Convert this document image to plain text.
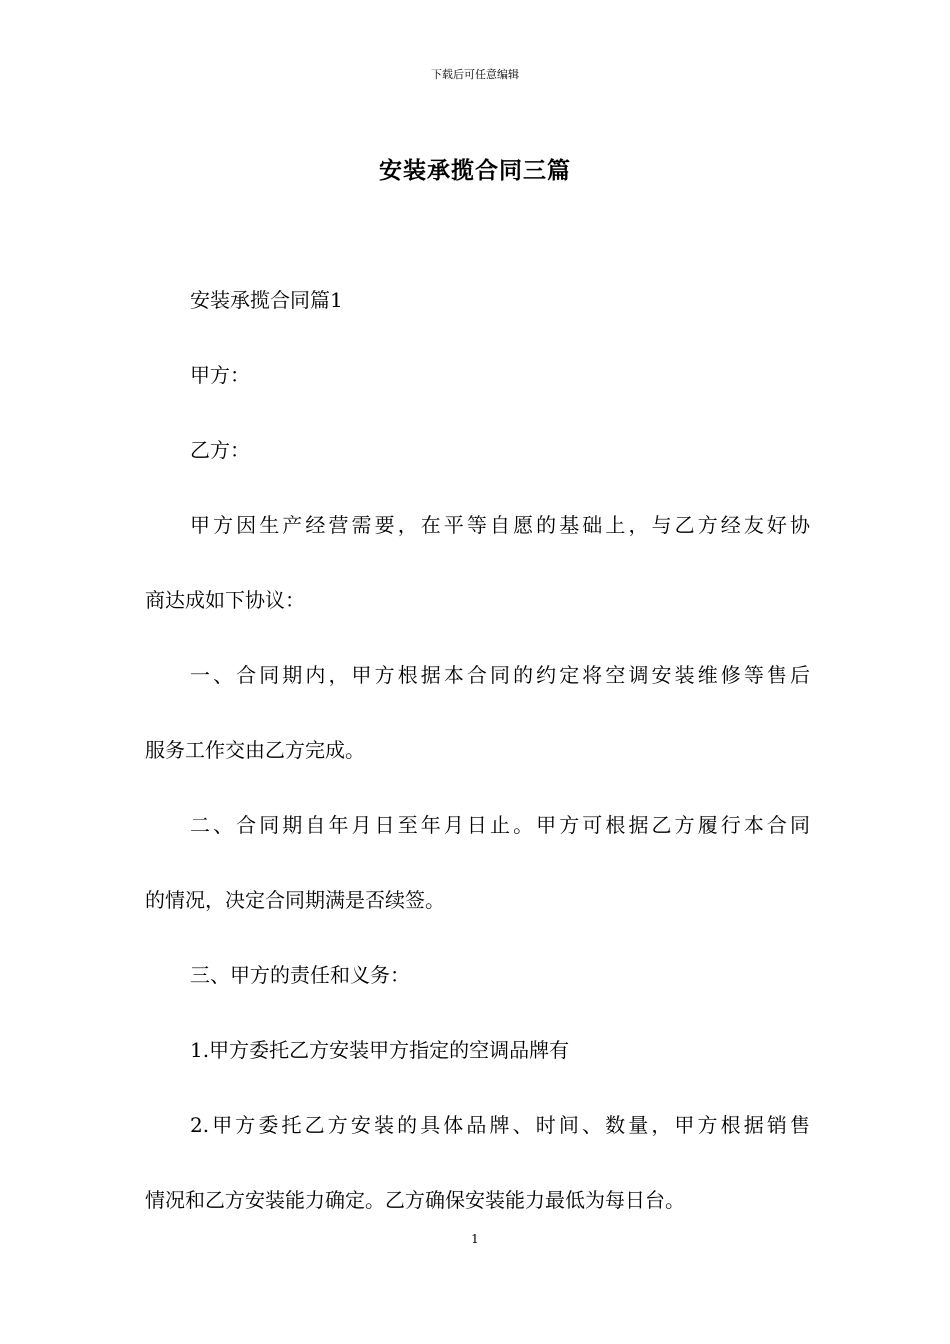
下载后可任意编辑
安装承揽合同三篇
安装承揽合同篇1
甲方：
乙方：
甲方因生产经营需要，在平等自愿的基础上，与乙方经友好协
商达成如下协议：
一、合同期内，甲方根据本合同的约定将空调安装维修等售后
服务工作交由乙方完成。
二、合同期自年月日至年月日止。甲方可根据乙方履行本合同
的情况，决定合同期满是否续签。
三、甲方的责任和义务：
1.甲方委托乙方安装甲方指定的空调品牌有
2.甲方委托乙方安装的具体品牌、时间、数量，甲方根据销售
情况和乙方安装能力确定。乙方确保安装能力最低为每日台。
1
